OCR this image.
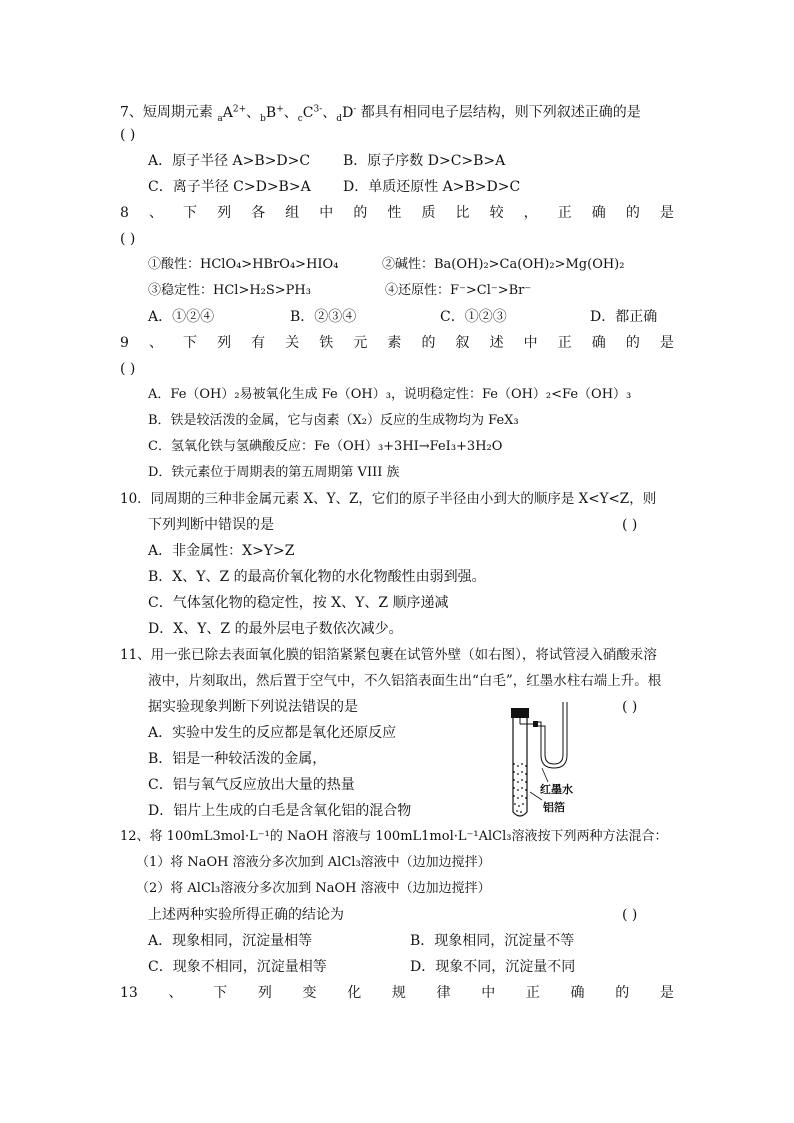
7、短周期元素 $_aA^{2+}$、$_b$B+、$_cC^{3-}$、$_d$D- 都具有相同电子层结构，则下列叙述正确的是
( )
A．原子半径 A>B>D>C B．原子序数 D>C>B>A
C．离子半径 C>D>B>A D．单质还原性 A>B>D>C
8 、 下 列 各 组 中 的 性 质 比 较 ， 正 确 的 是
( )
①酸性：HClO₄>HBrO₄>HIO₄	②碱性：Ba(OH)₂>Ca(OH)₂>Mg(OH)₂
③稳定性：HCl>H₂S>PH₃	④还原性：F⁻>Cl⁻>Br⁻
A．①②④	B．②③④	C．①②③	D．都正确
9 、 下 列 有 关 铁 元 素 的 叙 述 中 正 确 的 是
( )
A．Fe（OH）₂易被氧化生成 Fe（OH）₃，说明稳定性：Fe（OH）₂<Fe（OH）₃
B．铁是较活泼的金属，它与卤素（X₂）反应的生成物均为 FeX₃
C．氢氧化铁与氢碘酸反应：Fe（OH）₃+3HI→FeI₃+3H₂O
D．铁元素位于周期表的第五周期第 VIII 族
10．同周期的三种非金属元素 X、Y、Z，它们的原子半径由小到大的顺序是 X<Y<Z，则
下列判断中错误的是	( )
A．非金属性：X>Y>Z
B．X、Y、Z 的最高价氧化物的水化物酸性由弱到强。
C．气体氢化物的稳定性，按 X、Y、Z 顺序递减
D．X、Y、Z 的最外层电子数依次减少。
11、用一张已除去表面氧化膜的铝箔紧紧包裹在试管外壁（如右图），将试管浸入硝酸汞溶
液中，片刻取出，然后置于空气中，不久铝箔表面生出“白毛”，红墨水柱右端上升。根
据实验现象判断下列说法错误的是	( )
A．实验中发生的反应都是氧化还原反应
B．铝是一种较活泼的金属，
C．铝与氧气反应放出大量的热量
D．铝片上生成的白毛是含氧化铝的混合物
红墨水
铝箔
12、将 100mL3mol·L⁻¹的 NaOH 溶液与 100mL1mol·L⁻¹AlCl₃溶液按下列两种方法混合：
（1）将 NaOH 溶液分多次加到 AlCl₃溶液中（边加边搅拌）
（2）将 AlCl₃溶液分多次加到 NaOH 溶液中（边加边搅拌）
上述两种实验所得正确的结论为	( )
A．现象相同，沉淀量相等	B．现象相同，沉淀量不等
C．现象不相同，沉淀量相等	D．现象不同，沉淀量不同
13 、 下 列 变 化 规 律 中 正 确 的 是
